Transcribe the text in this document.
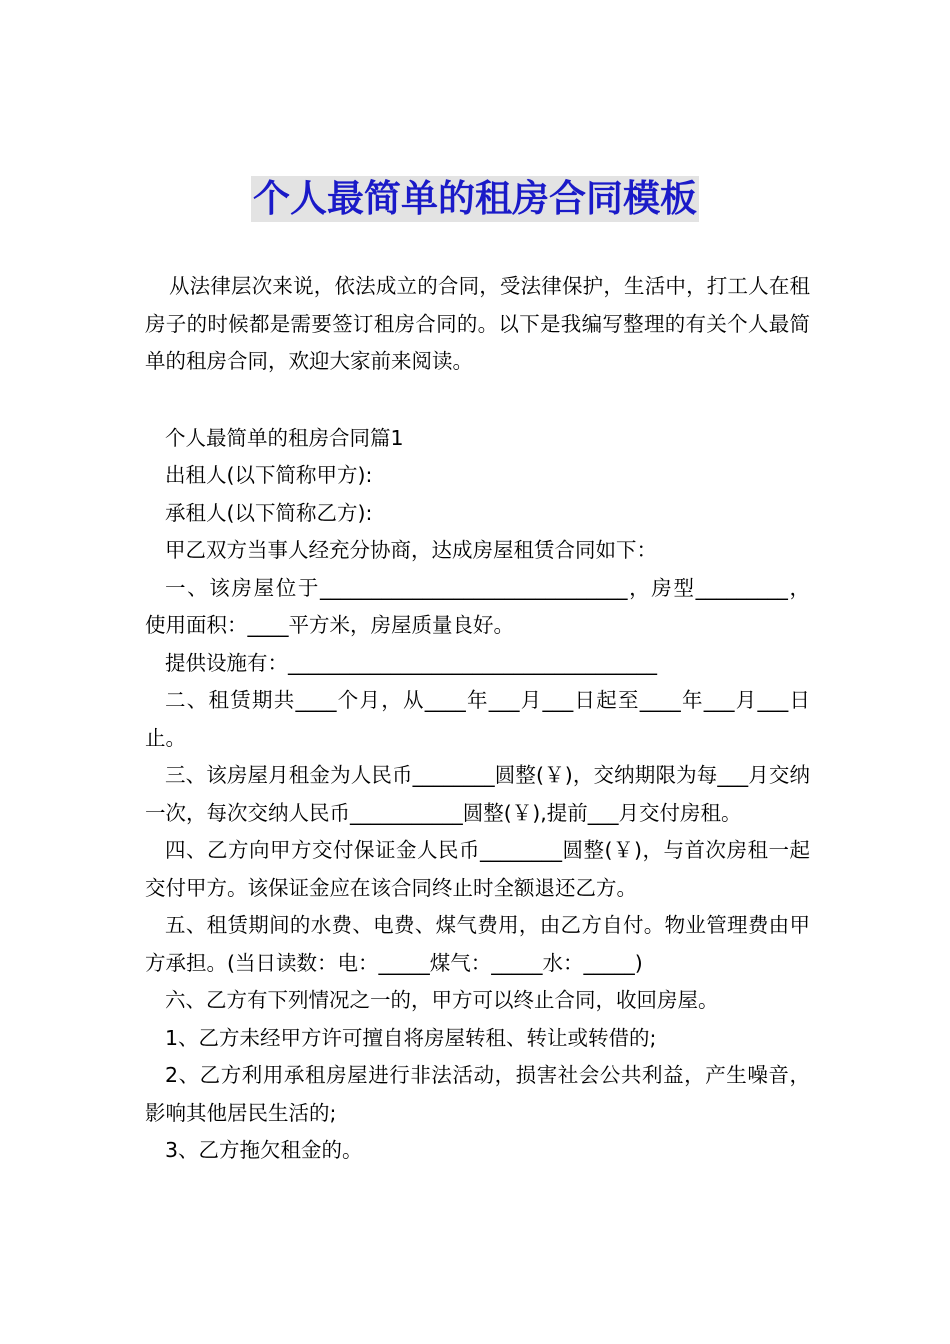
个人最简单的租房合同模板

从法律层次来说，依法成立的合同，受法律保护，生活中，打工人在租房子的时候都是需要签订租房合同的。以下是我编写整理的有关个人最简单的租房合同，欢迎大家前来阅读。

个人最简单的租房合同篇1

出租人(以下简称甲方):

承租人(以下简称乙方):

甲乙双方当事人经充分协商，达成房屋租赁合同如下：

一、该房屋位于______________________________，房型_________，使用面积：____平方米，房屋质量良好。

提供设施有：____________________________________

二、租赁期共____个月，从____年___月___日起至____年___月___日止。

三、该房屋月租金为人民币________圆整(￥)，交纳期限为每___月交纳一次，每次交纳人民币___________圆整(￥),提前___月交付房租。

四、乙方向甲方交付保证金人民币________圆整(￥)，与首次房租一起交付甲方。该保证金应在该合同终止时全额退还乙方。

五、租赁期间的水费、电费、煤气费用，由乙方自付。物业管理费由甲方承担。(当日读数：电：_____煤气：_____水：_____)

六、乙方有下列情况之一的，甲方可以终止合同，收回房屋。

1、乙方未经甲方许可擅自将房屋转租、转让或转借的;

2、乙方利用承租房屋进行非法活动，损害社会公共利益，产生噪音，影响其他居民生活的;

3、乙方拖欠租金的。
